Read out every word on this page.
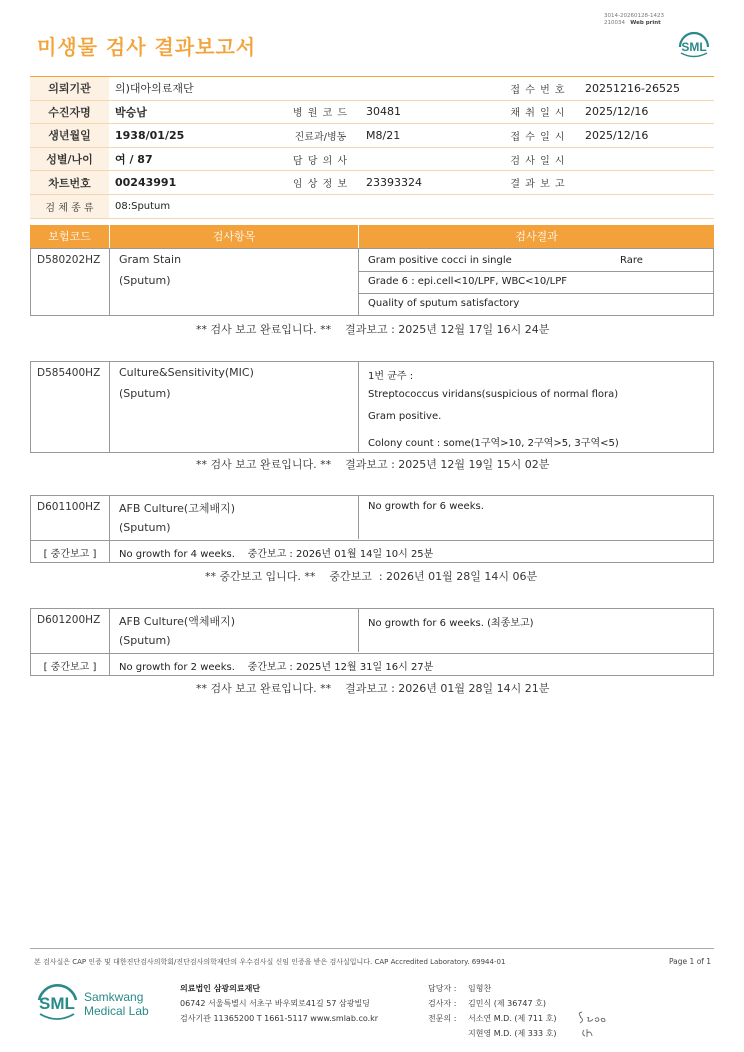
3014-20260128-1423
210034 Web print
미생물 검사 결과보고서	SML
의뢰기관	의)대아의료재단			접 수 번 호	20251216-26525
수진자명	박승남	병 원 코 드	30481	채 취 일 시	2025/12/16
생년월일	1938/01/25	진료과/병동	M8/21	접 수 일 시	2025/12/16
성별/나이	여 / 87	담 당 의 사		검 사 일 시	
차트번호	00243991	임 상 정 보	23393324	결 과 보 고	
검 체 종 류	08:Sputum				
보험코드	검사항목	검사결과
D580202HZ Gram Stain
(Sputum)
Gram positive cocci in single	Rare
Grade 6 : epi.cell<10/LPF, WBC<10/LPF
Quality of sputum satisfactory
** 검사 보고 완료입니다. **    결과보고 : 2025년 12월 17일 16시 24분
D585400HZ Culture&Sensitivity(MIC)
(Sputum)
1번 균주 :
Streptococcus viridans(suspicious of normal flora)
Gram positive.
Colony count : some(1구역>10, 2구역>5, 3구역<5)
** 검사 보고 완료입니다. **    결과보고 : 2025년 12월 19일 15시 02분
D601100HZ AFB Culture(고체배지)
(Sputum)
No growth for 6 weeks.
[ 중간보고 ]	No growth for 4 weeks.    중간보고 : 2026년 01월 14일 10시 25분
** 중간보고 입니다. **    중간보고  : 2026년 01월 28일 14시 06분
D601200HZ AFB Culture(액체배지)
(Sputum)
No growth for 6 weeks. (최종보고)
[ 중간보고 ]	No growth for 2 weeks.    중간보고 : 2025년 12월 31일 16시 27분
** 검사 보고 완료입니다. **    결과보고 : 2026년 01월 28일 14시 21분
본 검사실은 CAP 인증 및 대한진단검사의학회/진단검사의학재단의 우수검사실 신임 인증을 받은 검사실입니다. CAP Accredited Laboratory. 69944-01	Page 1 of 1
SML Samkwang
Medical Lab
의료법인 삼광의료재단
06742 서울특별시 서초구 바우뫼로41길 57 삼광빌딩
검사기관 11365200 T 1661-5117 www.smlab.co.kr
담당자 :	임형찬
검사자 :	김민식 (제 36747 호)
전문의 :	서소연 M.D. (제 711 호)
지현영 M.D. (제 333 호)
